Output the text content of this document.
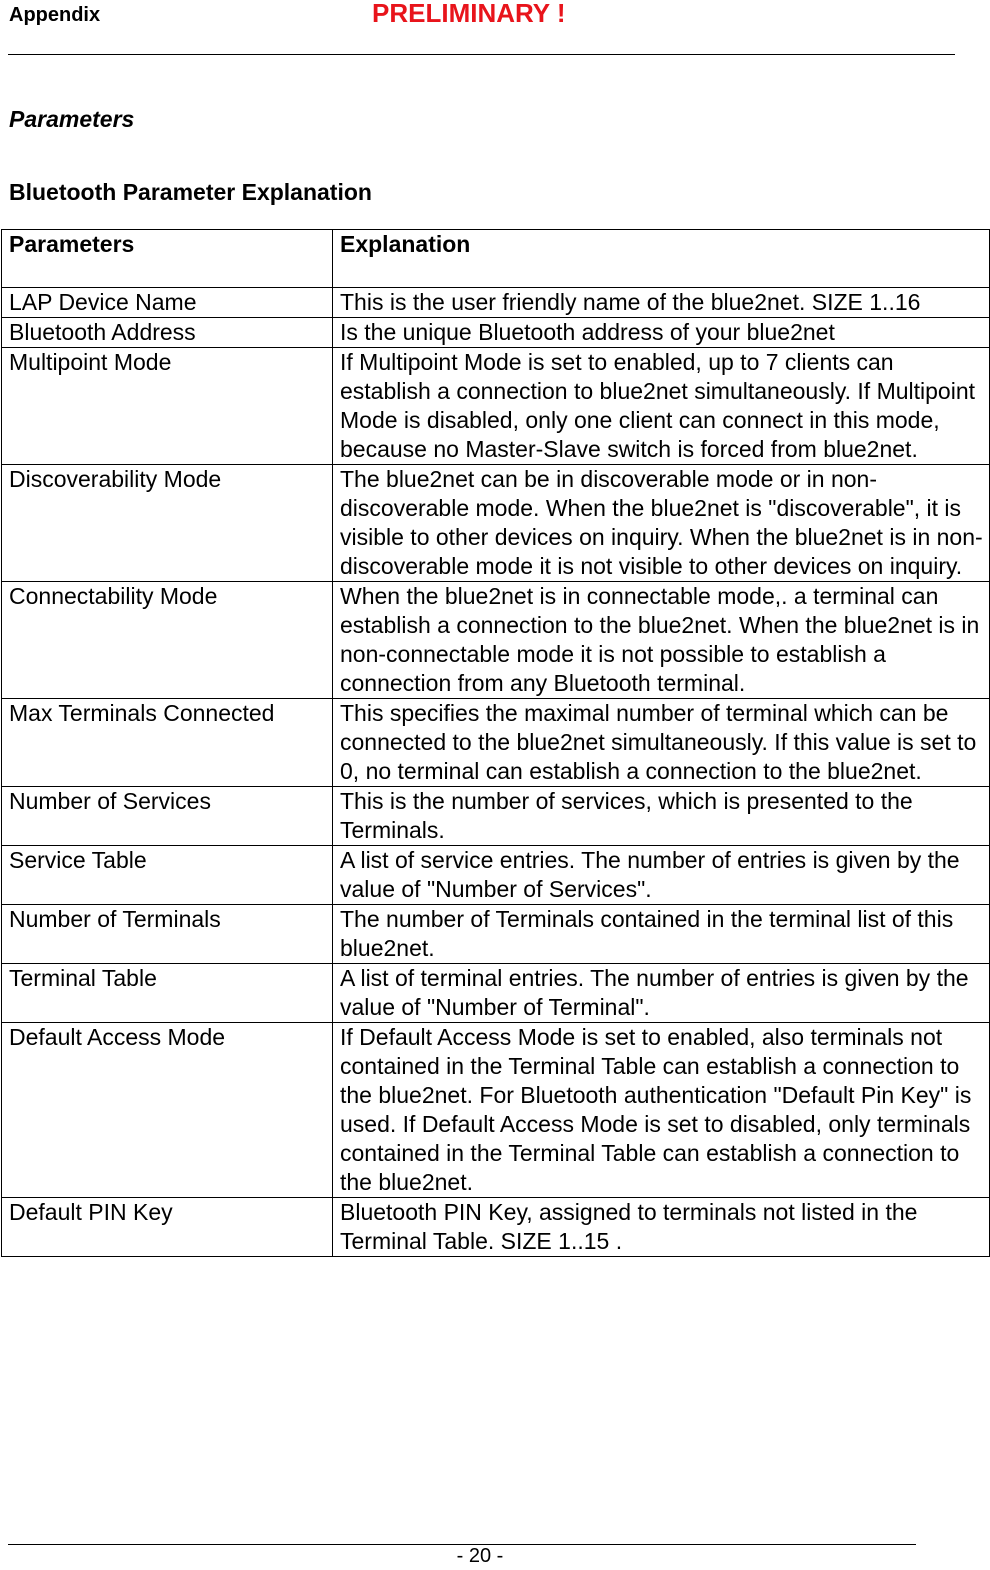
Appendix	PRELIMINARY !
Parameters
Bluetooth Parameter Explanation
Parameters	Explanation
LAP Device Name	This is the user friendly name of the blue2net. SIZE 1..16
Bluetooth Address	Is the unique Bluetooth address of your blue2net
Multipoint Mode	If Multipoint Mode is set to enabled, up to 7 clients can establish a connection to blue2net simultaneously. If Multipoint Mode is disabled, only one client can connect in this mode, because no Master-Slave switch is forced from blue2net.
Discoverability Mode	The blue2net can be in discoverable mode or in non-discoverable mode. When the blue2net is "discoverable", it is visible to other devices on inquiry. When the blue2net is in non-discoverable mode it is not visible to other devices on inquiry.
Connectability Mode	When the blue2net is in connectable mode,. a terminal can establish a connection to the blue2net. When the blue2net is in non-connectable mode it is not possible to establish a connection from any Bluetooth terminal.
Max Terminals Connected	This specifies the maximal number of terminal which can be connected to the blue2net simultaneously. If this value is set to 0, no terminal can establish a connection to the blue2net.
Number of Services	This is the number of services, which is presented to the Terminals.
Service Table	A list of service entries. The number of entries is given by the value of "Number of Services".
Number of Terminals	The number of Terminals contained in the terminal list of this blue2net.
Terminal Table	A list of terminal entries. The number of entries is given by the value of "Number of Terminal".
Default Access Mode	If Default Access Mode is set to enabled, also terminals not contained in the Terminal Table can establish a connection to the blue2net. For Bluetooth authentication "Default Pin Key" is used. If Default Access Mode is set to disabled, only terminals contained in the Terminal Table can establish a connection to the blue2net.
Default PIN Key	Bluetooth PIN Key, assigned to terminals not listed in the Terminal Table. SIZE 1..15 .
- 20 -
